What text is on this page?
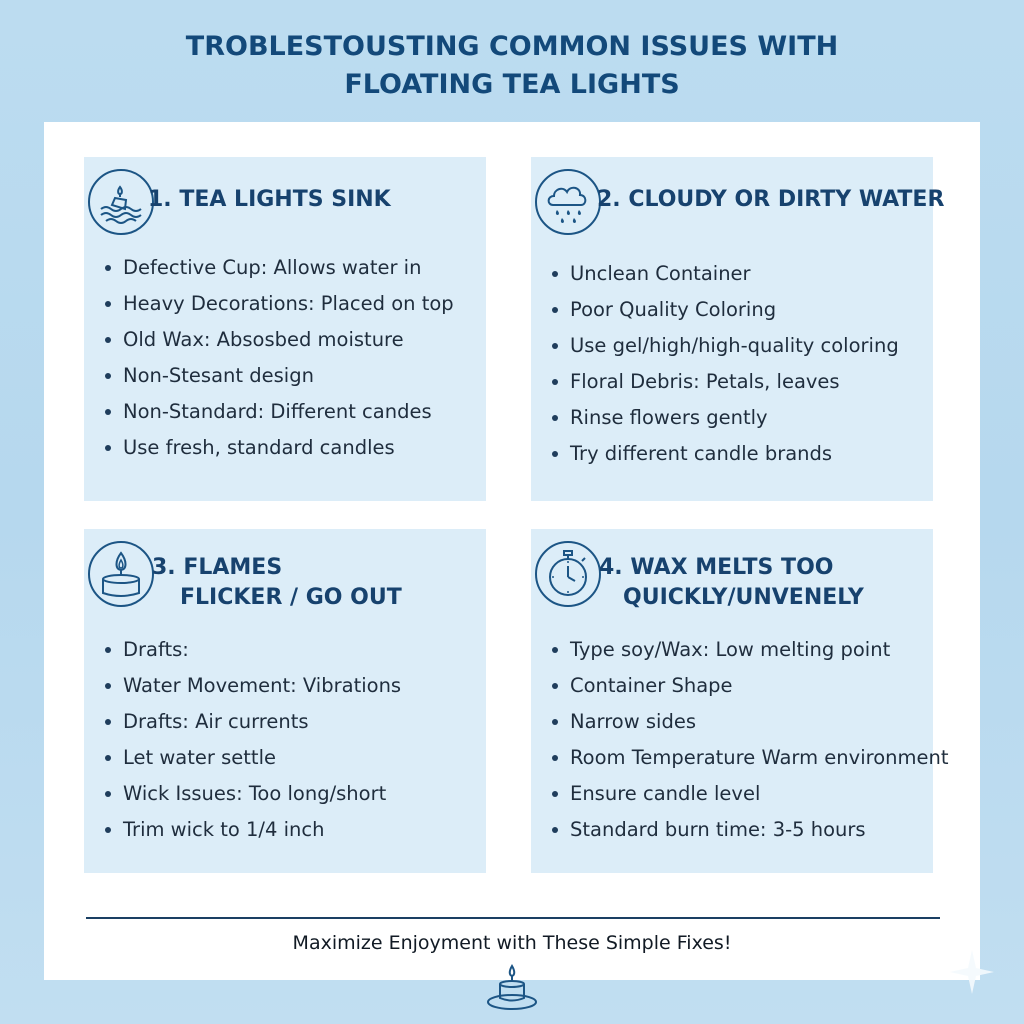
TROBLESTOUSTING COMMON ISSUES WITH
FLOATING TEA LIGHTS
1. TEA LIGHTS SINK
Defective Cup: Allows water in
Heavy Decorations: Placed on top
Old Wax: Absosbed moisture
Non-Stesant design
Non-Standard: Different candes
Use fresh, standard candles
2. CLOUDY OR DIRTY WATER
Unclean Container
Poor Quality Coloring
Use gel/high/high-quality coloring
Floral Debris: Petals, leaves
Rinse flowers gently
Try different candle brands
3. FLAMES
FLICKER / GO OUT
Drafts:
Water Movement: Vibrations
Drafts: Air currents
Let water settle
Wick Issues: Too long/short
Trim wick to 1/4 inch
4. WAX MELTS TOO
QUICKLY/UNVENELY
Type soy/Wax: Low melting point
Container Shape
Narrow sides
Room Temperature Warm environment
Ensure candle level
Standard burn time: 3-5 hours
Maximize Enjoyment with These Simple Fixes!
